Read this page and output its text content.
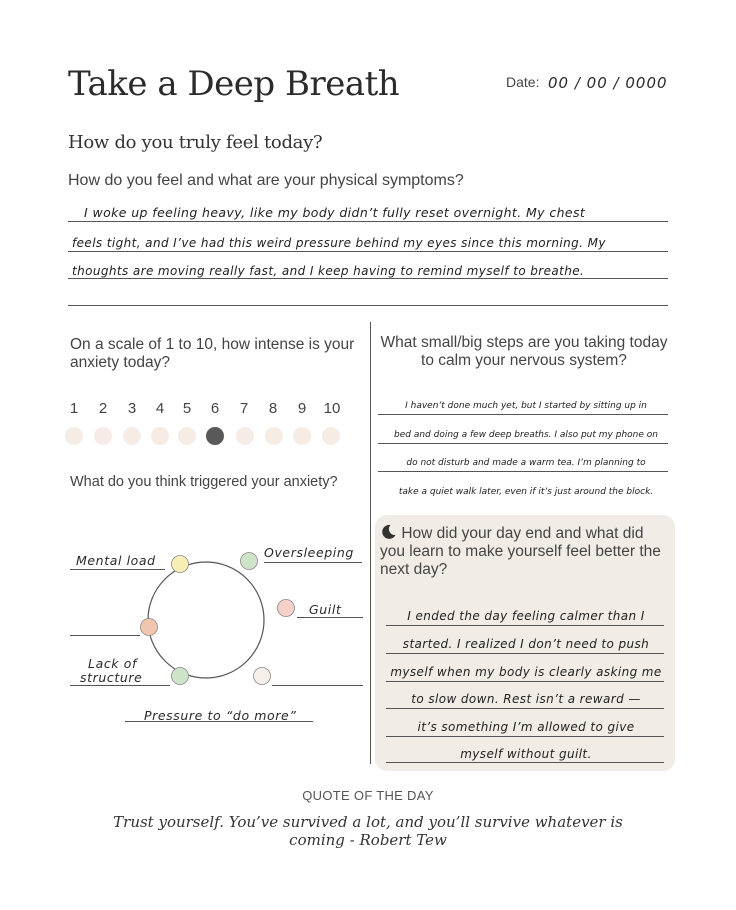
Take a Deep Breath	Date: 00 / 00 / 0000
How do you truly feel today?
How do you feel and what are your physical symptoms?
I woke up feeling heavy, like my body didn’t fully reset overnight. My chest
feels tight, and I’ve had this weird pressure behind my eyes since this morning. My
thoughts are moving really fast, and I keep having to remind myself to breathe.
On a scale of 1 to 10, how intense is your anxiety today?
1	2	3	4	5	6	7	8	9	10
What do you think triggered your anxiety?
Mental load
Oversleeping
Guilt
Lack of
structure
Pressure to “do more”
What small/big steps are you taking today to calm your nervous system?
I haven’t done much yet, but I started by sitting up in
bed and doing a few deep breaths. I also put my phone on
do not disturb and made a warm tea. I’m planning to
take a quiet walk later, even if it’s just around the block.
How did your day end and what did you learn to make yourself feel better the next day?
I ended the day feeling calmer than I
started. I realized I don’t need to push
myself when my body is clearly asking me
to slow down. Rest isn’t a reward —
it’s something I’m allowed to give
myself without guilt.
QUOTE OF THE DAY
Trust yourself. You’ve survived a lot, and you’ll survive whatever is coming - Robert Tew
